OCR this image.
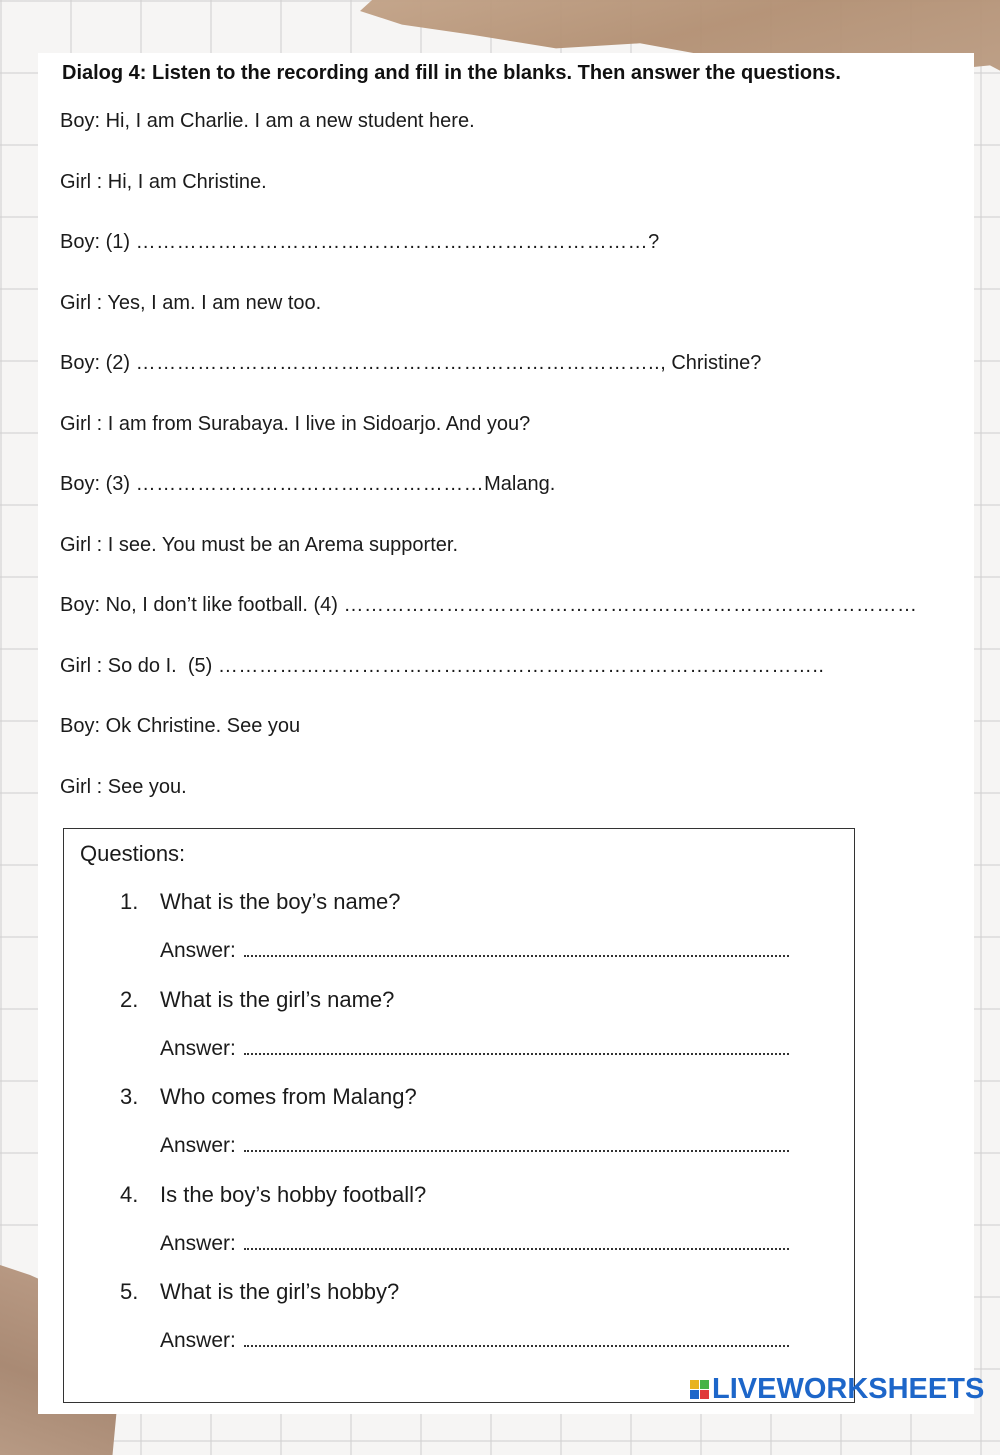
Dialog 4: Listen to the recording and fill in the blanks. Then answer the questions.
Boy: Hi, I am Charlie. I am a new student here.
Girl : Hi, I am Christine.
Boy: (1) …………………………………………………………………?
Girl : Yes, I am. I am new too.
Boy: (2) ………………………………………………………………….., Christine?
Girl : I am from Surabaya. I live in Sidoarjo. And you?
Boy: (3) ……………………………………………Malang.
Girl : I see. You must be an Arema supporter.
Boy: No, I don’t like football. (4) …………………………………………………………………………
Girl : So do I.  (5) ……………………………………………………………………………..
Boy: Ok Christine. See you
Girl : See you.
Questions:
1. What is the boy’s name?
Answer:
2. What is the girl’s name?
Answer:
3. Who comes from Malang?
Answer:
4. Is the boy’s hobby football?
Answer:
5. What is the girl’s hobby?
Answer:
LIVEWORKSHEETS
